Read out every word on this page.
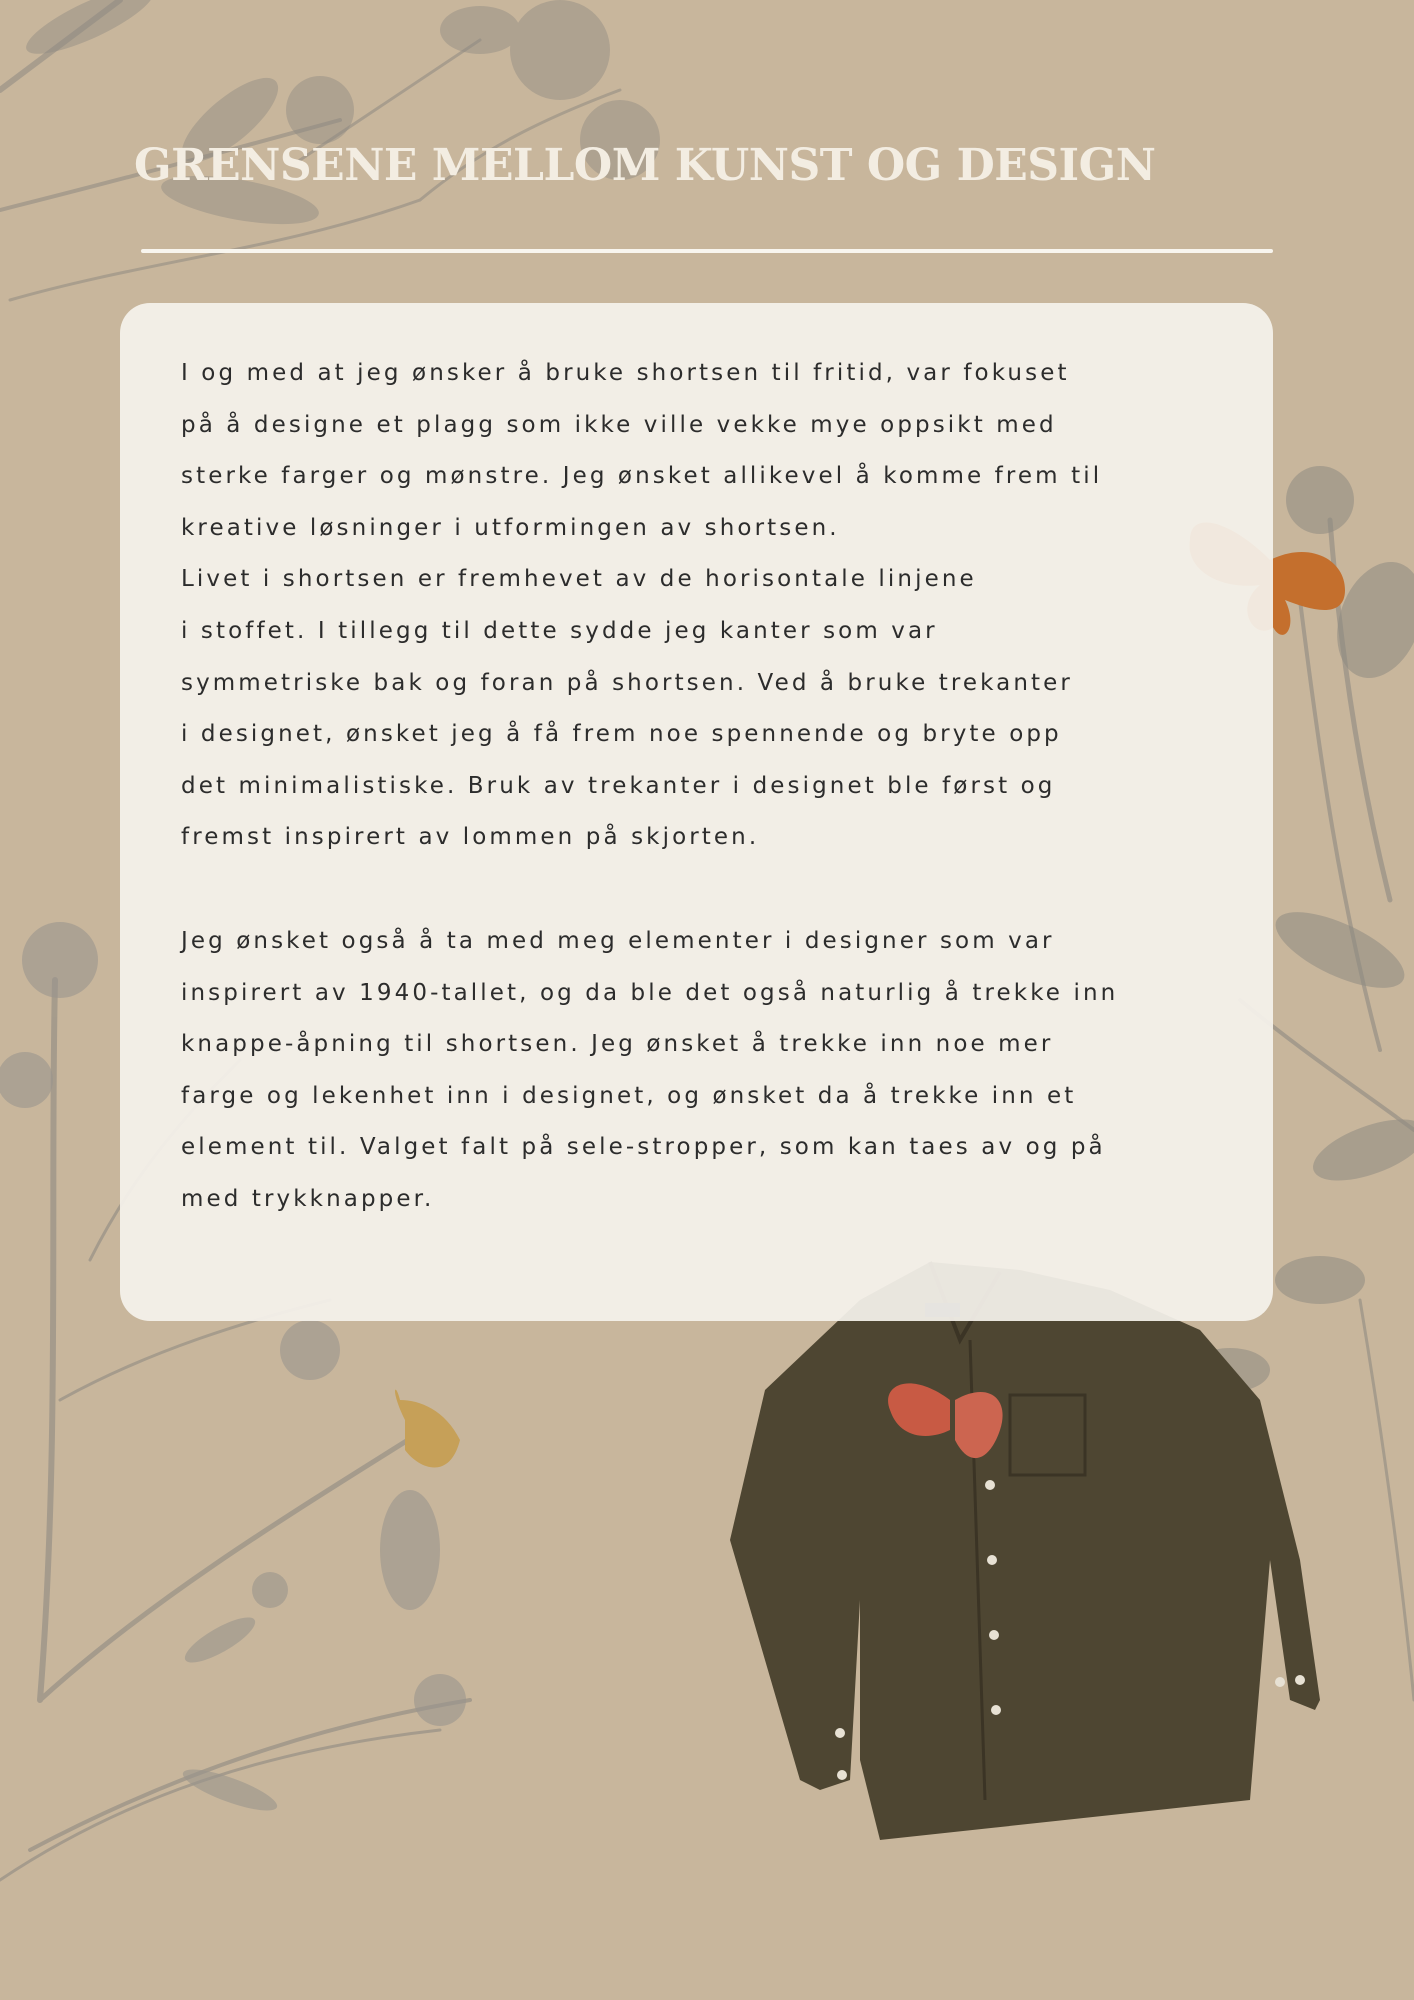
GRENSENE MELLOM KUNST OG DESIGN

I og med at jeg ønsker å bruke shortsen til fritid, var fokuset
på å designe et plagg som ikke ville vekke mye oppsikt med
sterke farger og mønstre. Jeg ønsket allikevel å komme frem til
kreative løsninger i utformingen av shortsen.
Livet i shortsen er fremhevet av de horisontale linjene
i stoffet. I tillegg til dette sydde jeg kanter som var
symmetriske bak og foran på shortsen. Ved å bruke trekanter
i designet, ønsket jeg å få frem noe spennende og bryte opp
det minimalistiske. Bruk av trekanter i designet ble først og
fremst inspirert av lommen på skjorten.

Jeg ønsket også å ta med meg elementer i designer som var
inspirert av 1940-tallet, og da ble det også naturlig å trekke inn
knappe-åpning til shortsen. Jeg ønsket å trekke inn noe mer
farge og lekenhet inn i designet, og ønsket da å trekke inn et
element til. Valget falt på sele-stropper, som kan taes av og på
med trykknapper.
